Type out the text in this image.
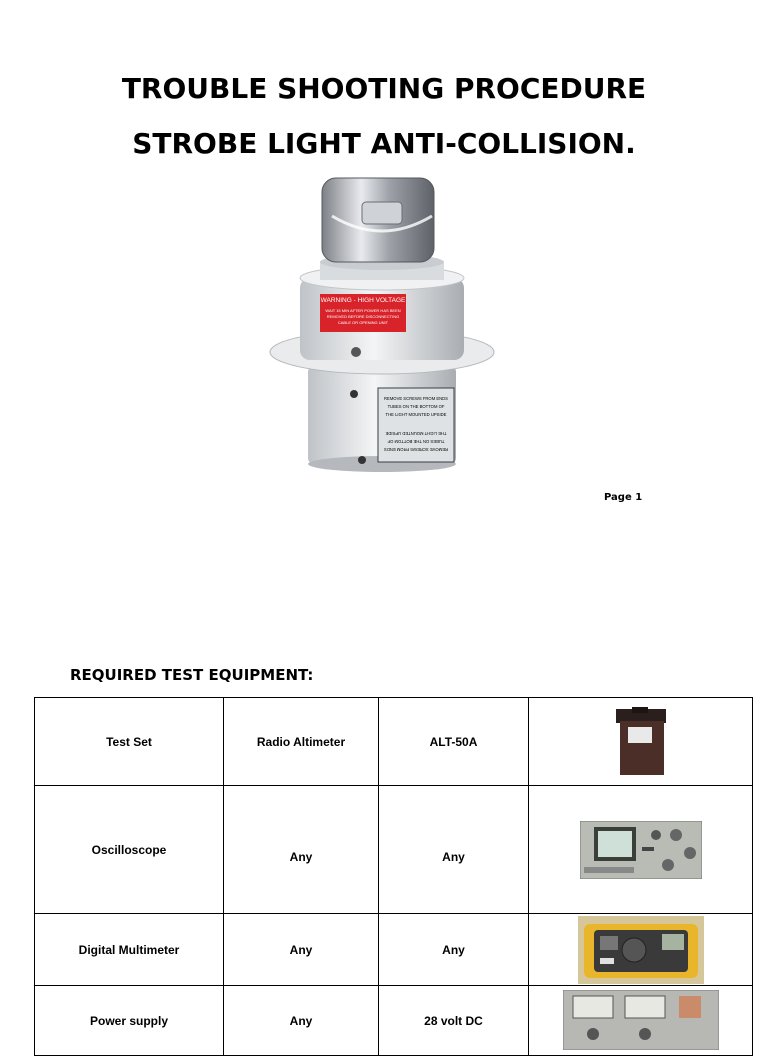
TROUBLE SHOOTING PROCEDURE
STROBE LIGHT ANTI-COLLISION.
WARNING - HIGH VOLTAGE
WAIT 15 MIN AFTER POWER HAS BEEN
REMOVED BEFORE DISCONNECTING
CABLE OR OPENING UNIT
REMOVE SCREWS FROM ENDS
TUBES ON THE BOTTOM OF
THE LIGHT MOUNTED UPSIDE
REMOVE SCREWS FROM ENDS
TUBES ON THE BOTTOM OF
THE LIGHT MOUNTED UPSIDE
Page 1
REQUIRED TEST EQUIPMENT:
Test Set	Radio Altimeter	ALT-50A	

Oscilloscope	Any	Any	

Digital Multimeter	Any	Any	

Power supply	Any	28 volt DC	
